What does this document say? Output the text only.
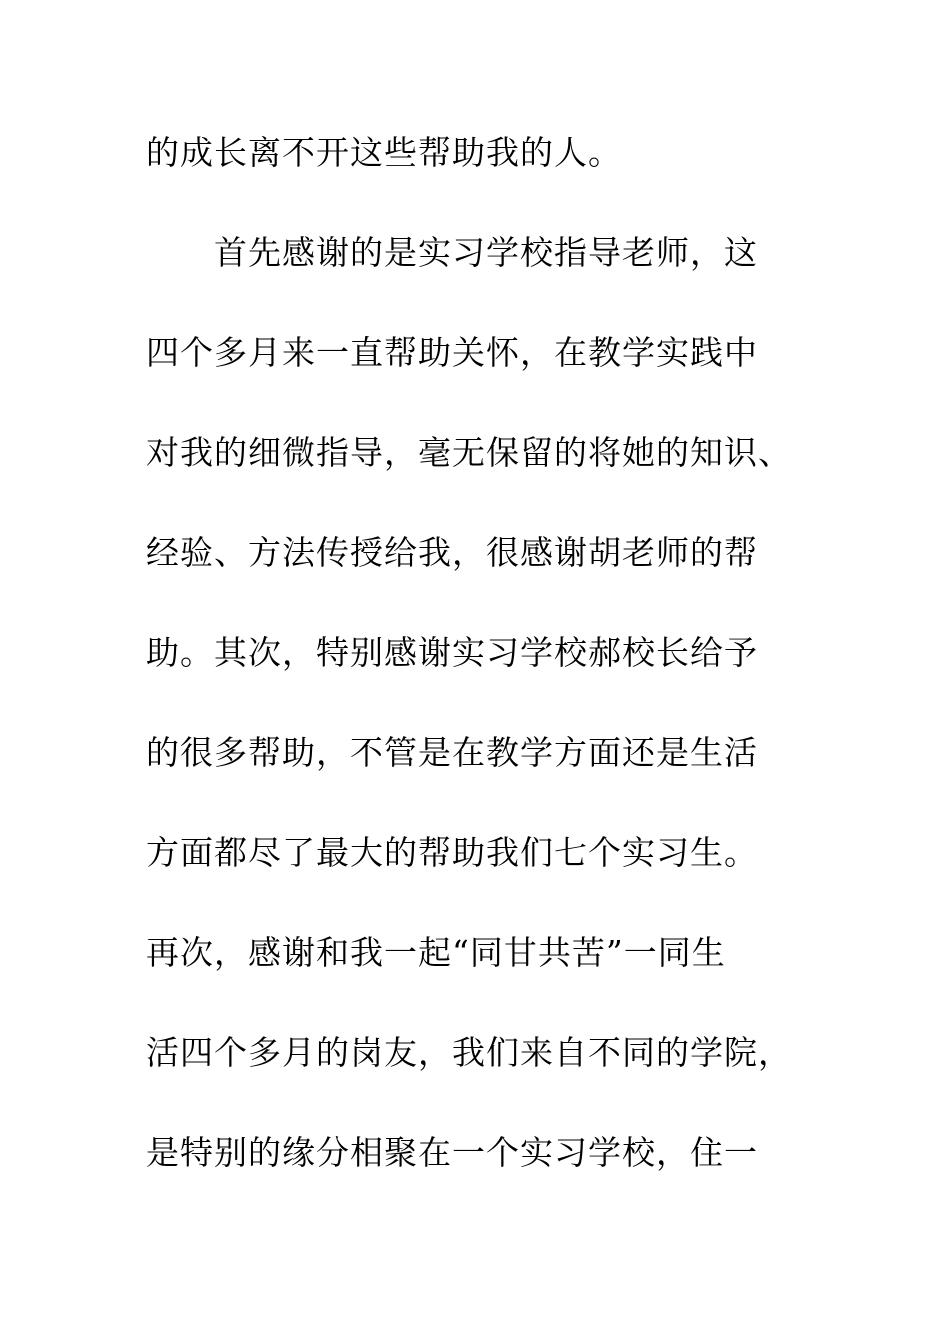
的成长离不开这些帮助我的人。

　　首先感谢的是实习学校指导老师，这

四个多月来一直帮助关怀，在教学实践中

对我的细微指导，毫无保留的将她的知识、

经验、方法传授给我，很感谢胡老师的帮

助。其次，特别感谢实习学校郝校长给予

的很多帮助，不管是在教学方面还是生活

方面都尽了最大的帮助我们七个实习生。

再次，感谢和我一起“同甘共苦”一同生

活四个多月的岗友，我们来自不同的学院，

是特别的缘分相聚在一个实习学校，住一
